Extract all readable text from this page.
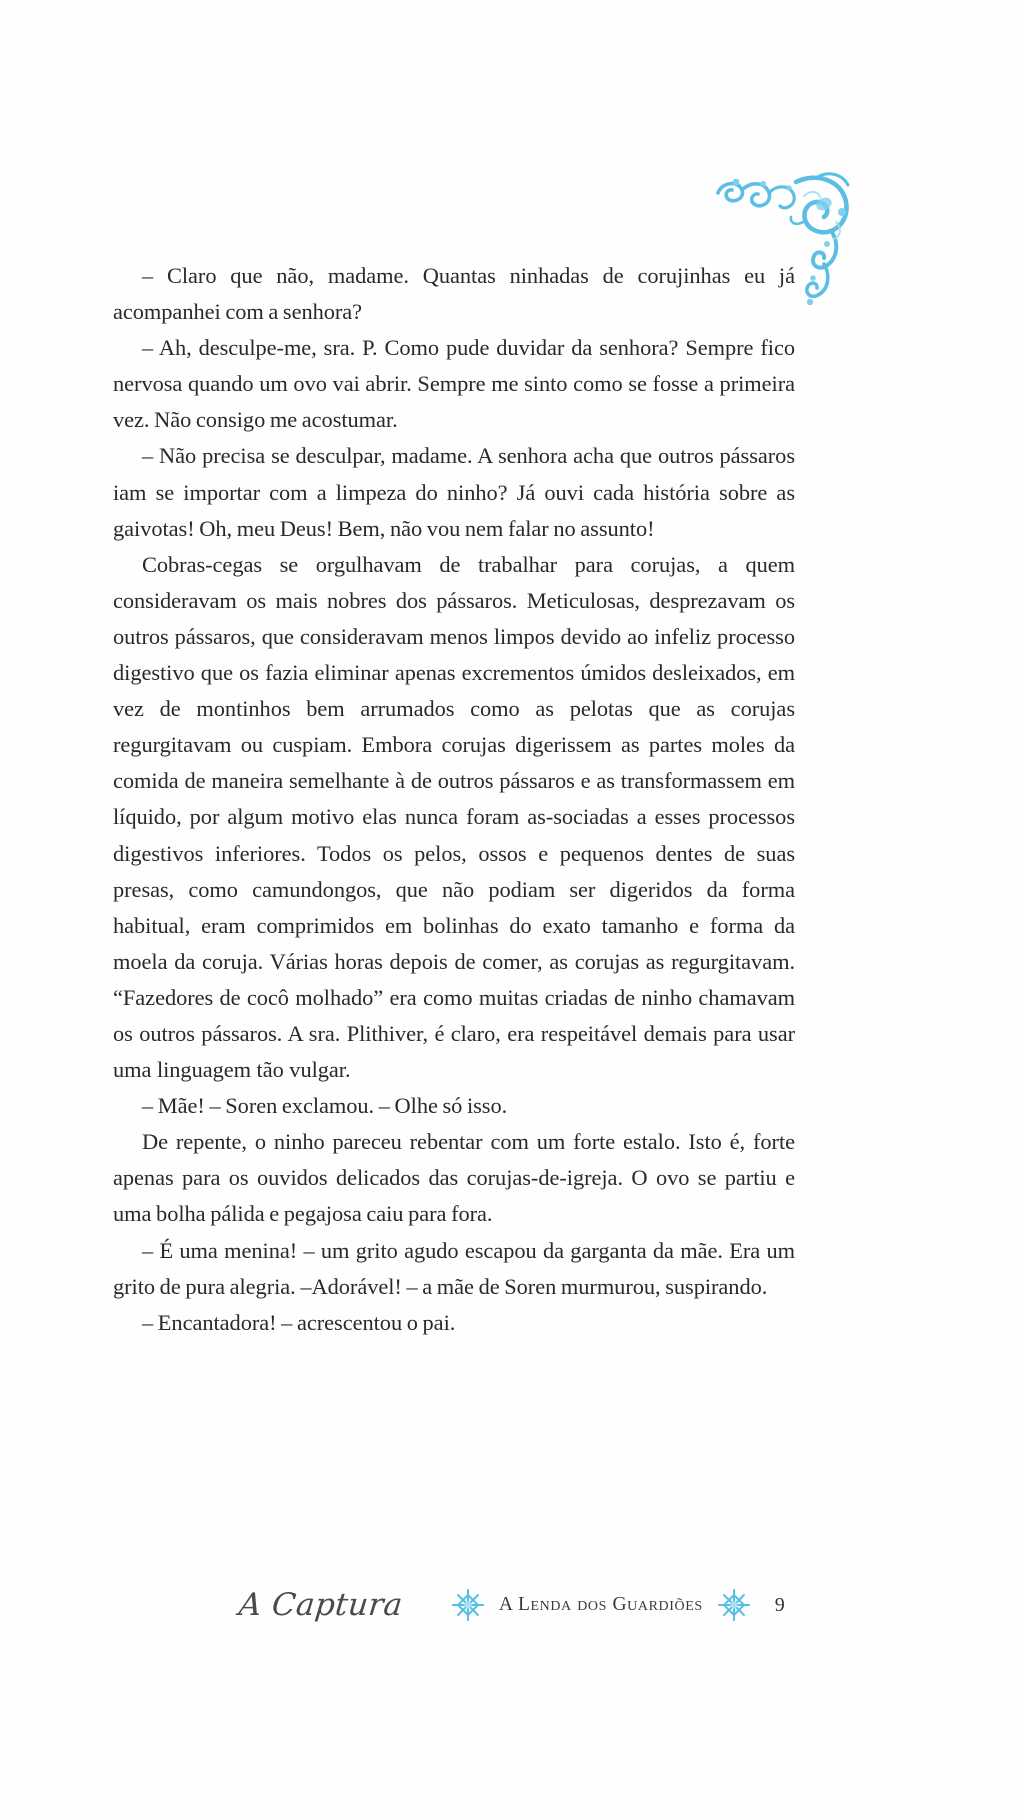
– Claro que não, madame. Quantas ninhadas de corujinhas eu já acompanhei com a senhora?

– Ah, desculpe-me, sra. P. Como pude duvidar da senhora? Sempre fico nervosa quando um ovo vai abrir. Sempre me sinto como se fosse a primeira vez. Não consigo me acostumar.

– Não precisa se desculpar, madame. A senhora acha que outros pássaros iam se importar com a limpeza do ninho? Já ouvi cada história sobre as gaivotas! Oh, meu Deus! Bem, não vou nem falar no assunto!

Cobras-cegas se orgulhavam de trabalhar para corujas, a quem consideravam os mais nobres dos pássaros. Meticulosas, desprezavam os outros pássaros, que consideravam menos limpos devido ao infeliz processo digestivo que os fazia eliminar apenas excrementos úmidos desleixados, em vez de montinhos bem arrumados como as pelotas que as corujas regurgitavam ou cuspiam. Embora corujas digerissem as partes moles da comida de maneira semelhante à de outros pássaros e as transformassem em líquido, por algum motivo elas nunca foram as-sociadas a esses processos digestivos inferiores. Todos os pelos, ossos e pequenos dentes de suas presas, como camundongos, que não podiam ser digeridos da forma habitual, eram comprimidos em bolinhas do exato tamanho e forma da moela da coruja. Várias horas depois de comer, as corujas as regurgitavam. “Fazedores de cocô molhado” era como muitas criadas de ninho chamavam os outros pássaros. A sra. Plithiver, é claro, era respeitável demais para usar uma linguagem tão vulgar.

– Mãe! – Soren exclamou. – Olhe só isso.

De repente, o ninho pareceu rebentar com um forte estalo. Isto é, forte apenas para os ouvidos delicados das corujas-de-igreja. O ovo se partiu e uma bolha pálida e pegajosa caiu para fora.

– É uma menina! – um grito agudo escapou da garganta da mãe. Era um grito de pura alegria. –Adorável! – a mãe de Soren murmurou, suspirando.

– Encantadora! – acrescentou o pai.

A Captura	A Lenda dos Guardiões	9
